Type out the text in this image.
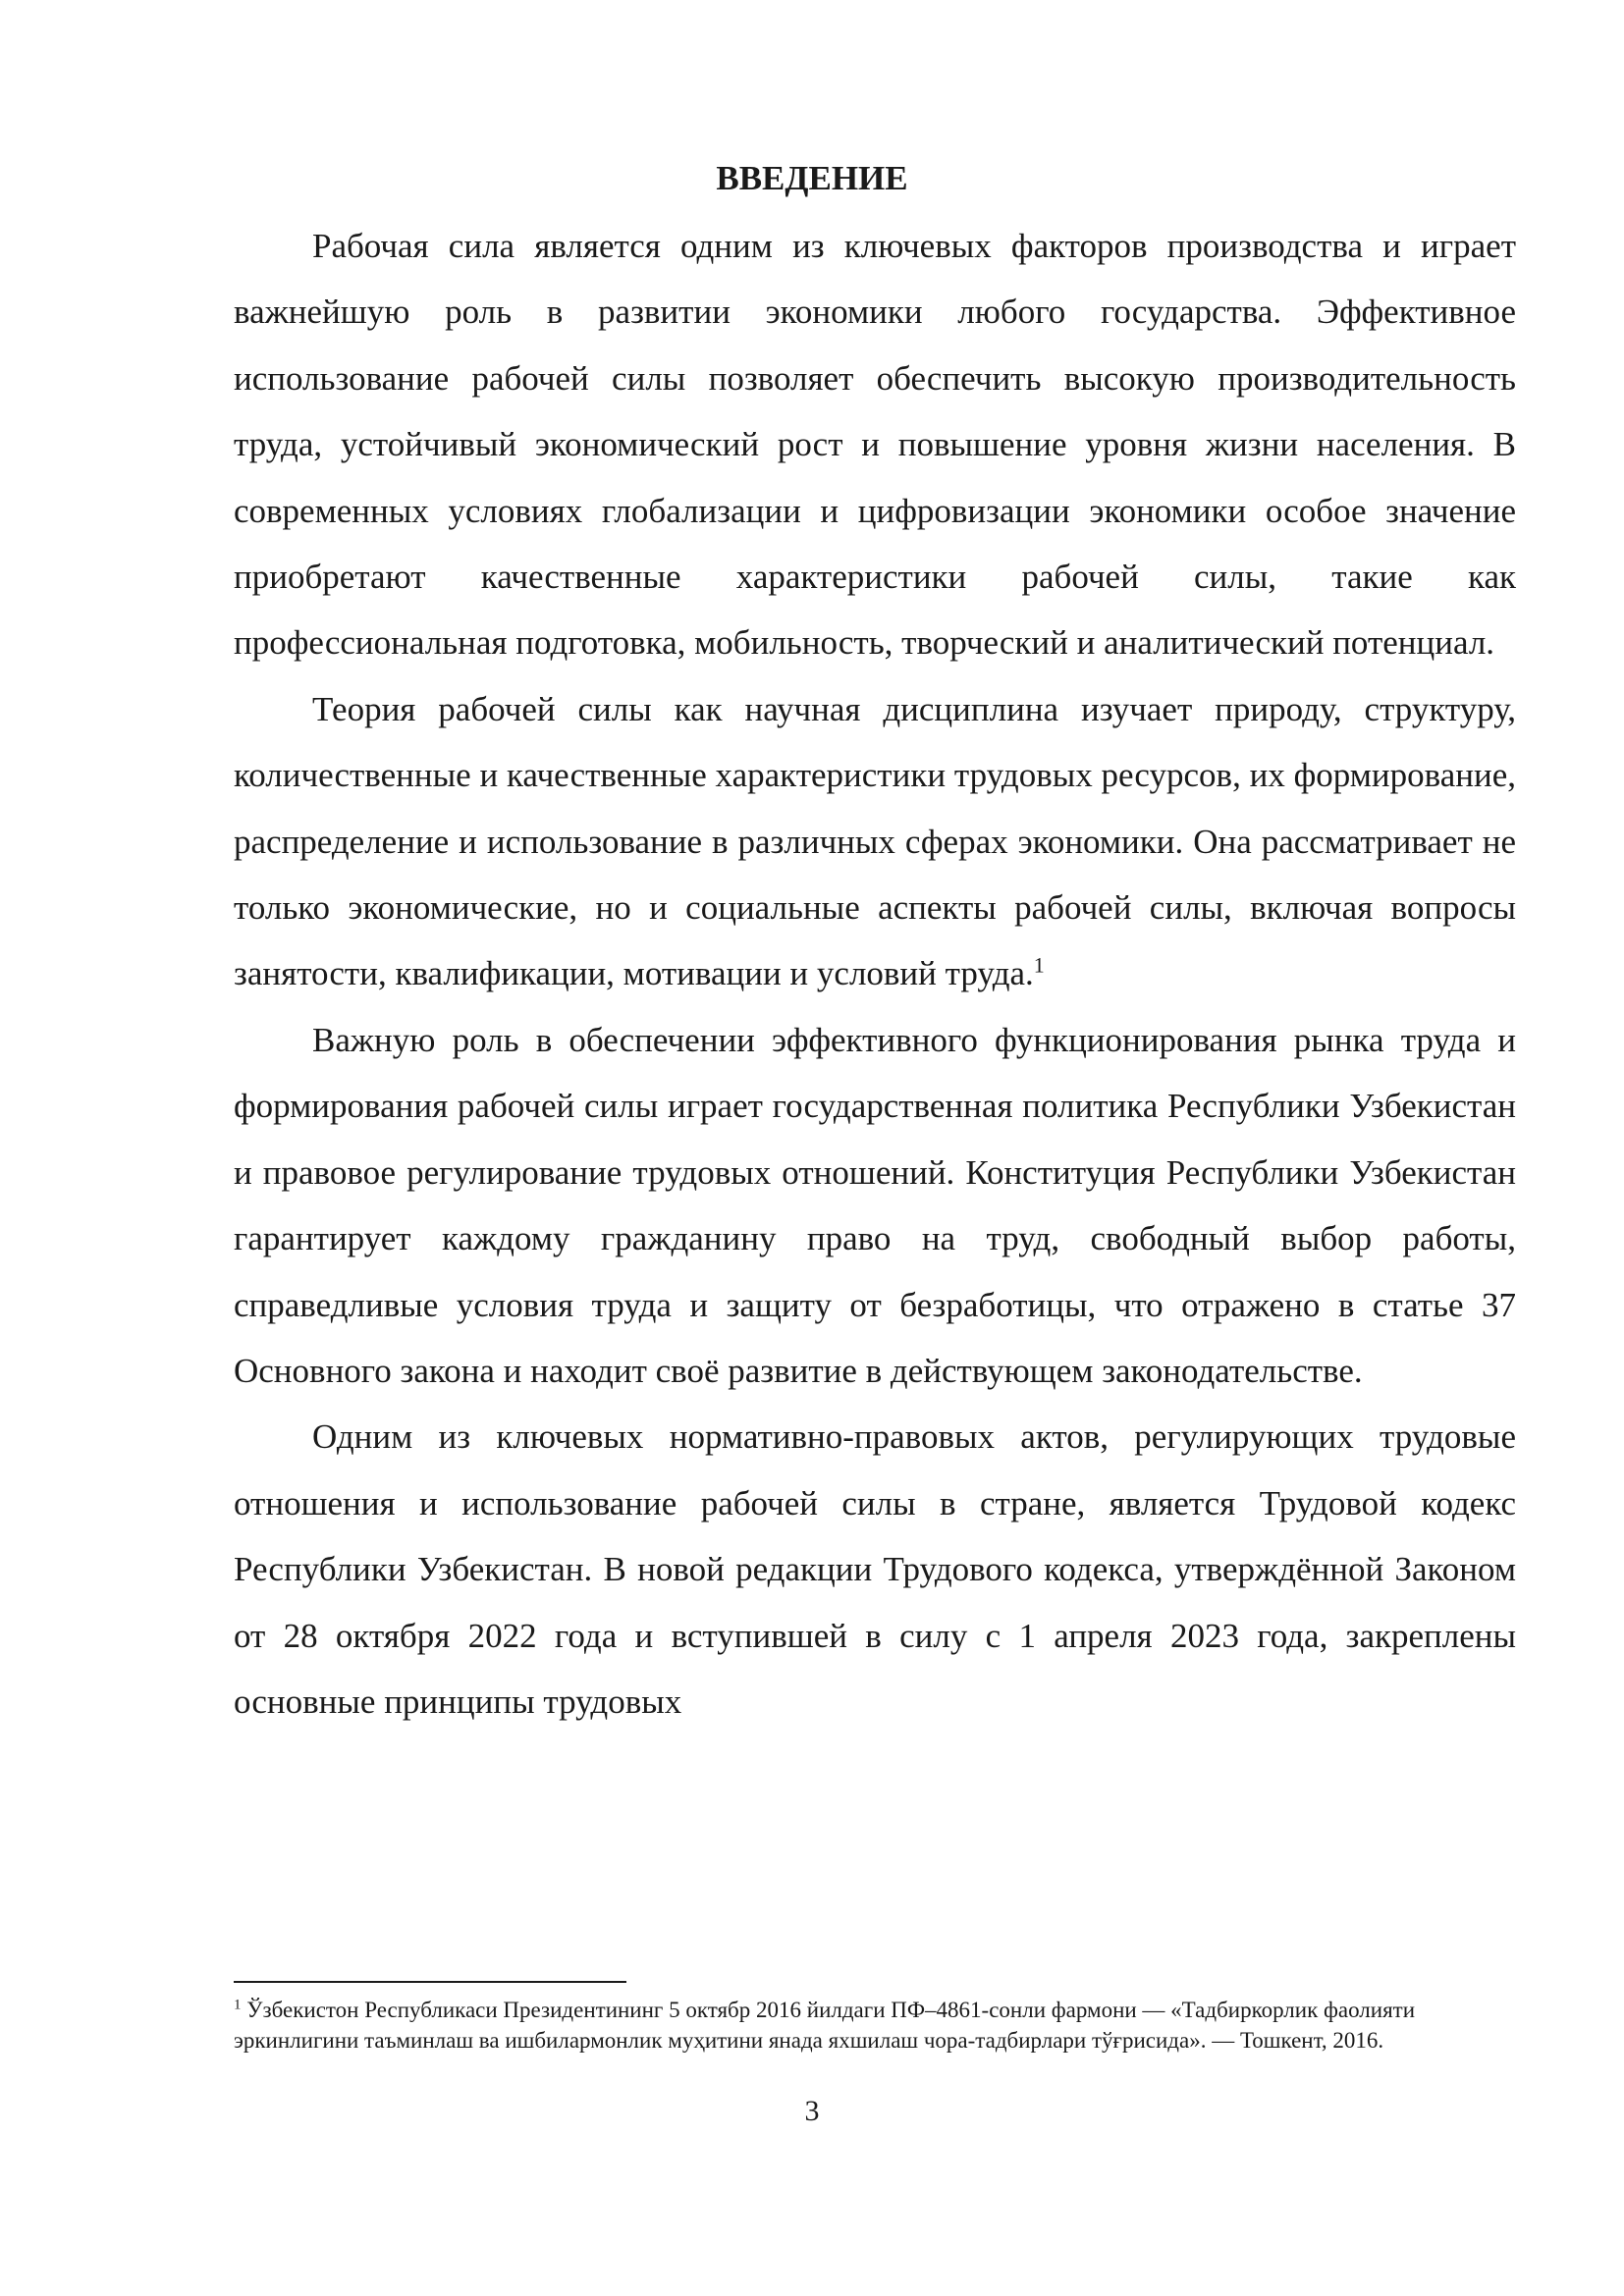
ВВЕДЕНИЕ

Рабочая сила является одним из ключевых факторов производства и играет важнейшую роль в развитии экономики любого государства. Эффективное использование рабочей силы позволяет обеспечить высокую производительность труда, устойчивый экономический рост и повышение уровня жизни населения. В современных условиях глобализации и цифровизации экономики особое значение приобретают качественные характеристики рабочей силы, такие как профессиональная подготовка, мобильность, творческий и аналитический потенциал.

Теория рабочей силы как научная дисциплина изучает природу, структуру, количественные и качественные характеристики трудовых ресурсов, их формирование, распределение и использование в различных сферах экономики. Она рассматривает не только экономические, но и социальные аспекты рабочей силы, включая вопросы занятости, квалификации, мотивации и условий труда.$^1$

Важную роль в обеспечении эффективного функционирования рынка труда и формирования рабочей силы играет государственная политика Республики Узбекистан и правовое регулирование трудовых отношений. Конституция Республики Узбекистан гарантирует каждому гражданину право на труд, свободный выбор работы, справедливые условия труда и защиту от безработицы, что отражено в статье 37 Основного закона и находит своё развитие в действующем законодательстве.

Одним из ключевых нормативно-правовых актов, регулирующих трудовые отношения и использование рабочей силы в стране, является Трудовой кодекс Республики Узбекистан. В новой редакции Трудового кодекса, утверждённой Законом от 28 октября 2022 года и вступившей в силу с 1 апреля 2023 года, закреплены основные принципы трудовых

$^1$ Ўзбекистон Республикаси Президентининг 5 октябр 2016 йилдаги ПФ–4861-сонли фармони — «Тадбиркорлик фаолияти эркинлигини таъминлаш ва ишбилармонлик муҳитини янада яхшилаш чора-тадбирлари тўғрисида». — Тошкент, 2016.

3
